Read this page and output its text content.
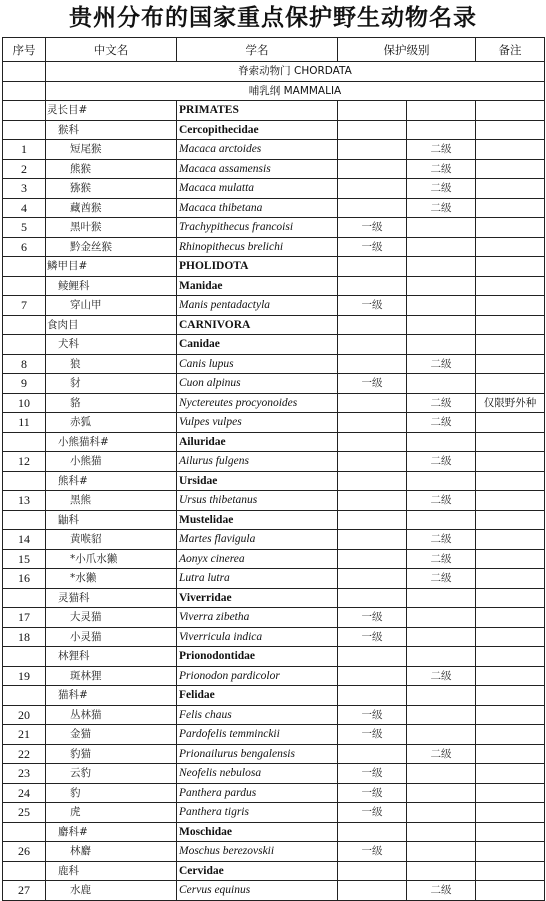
贵州分布的国家重点保护野生动物名录
序号	中文名	学名	保护级别		备注
	脊索动物门 CHORDATA				
	哺乳纲 MAMMALIA				
	灵长目#	PRIMATES			
	猴科	Cercopithecidae			
1	短尾猴	Macaca arctoides		二级	
2	熊猴	Macaca assamensis		二级	
3	猕猴	Macaca mulatta		二级	
4	藏酋猴	Macaca thibetana		二级	
5	黑叶猴	Trachypithecus francoisi	一级		
6	黔金丝猴	Rhinopithecus brelichi	一级		
	鳞甲目#	PHOLIDOTA			
	鲮鲤科	Manidae			
7	穿山甲	Manis pentadactyla	一级		
	食肉目	CARNIVORA			
	犬科	Canidae			
8	狼	Canis lupus		二级	
9	豺	Cuon alpinus	一级		
10	貉	Nyctereutes procyonoides		二级	仅限野外种
11	赤狐	Vulpes vulpes		二级	
	小熊猫科#	Ailuridae			
12	小熊猫	Ailurus fulgens		二级	
	熊科#	Ursidae			
13	黑熊	Ursus thibetanus		二级	
	鼬科	Mustelidae			
14	黄喉貂	Martes flavigula		二级	
15	*小爪水獭	Aonyx cinerea		二级	
16	*水獭	Lutra lutra		二级	
	灵猫科	Viverridae			
17	大灵猫	Viverra zibetha	一级		
18	小灵猫	Viverricula indica	一级		
	林狸科	Prionodontidae			
19	斑林狸	Prionodon pardicolor		二级	
	猫科#	Felidae			
20	丛林猫	Felis chaus	一级		
21	金猫	Pardofelis temminckii	一级		
22	豹猫	Prionailurus bengalensis		二级	
23	云豹	Neofelis nebulosa	一级		
24	豹	Panthera pardus	一级		
25	虎	Panthera tigris	一级		
	麝科#	Moschidae			
26	林麝	Moschus berezovskii	一级		
	鹿科	Cervidae			
27	水鹿	Cervus equinus		二级	
